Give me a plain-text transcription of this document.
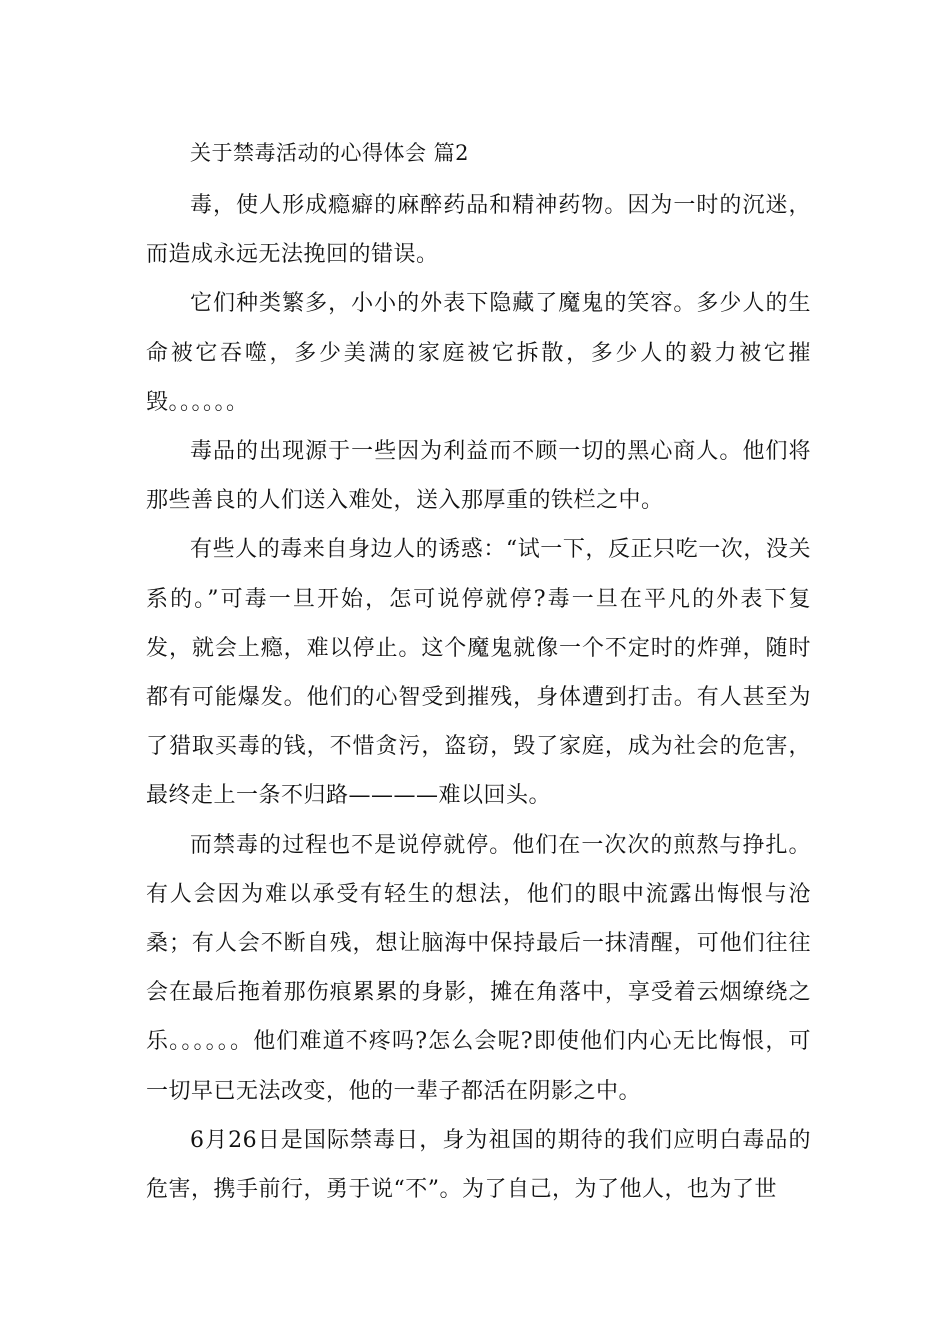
关于禁毒活动的心得体会 篇2

毒，使人形成瘾癖的麻醉药品和精神药物。因为一时的沉迷，而造成永远无法挽回的错误。

它们种类繁多，小小的外表下隐藏了魔鬼的笑容。多少人的生命被它吞噬，多少美满的家庭被它拆散，多少人的毅力被它摧毁。。。。。。

毒品的出现源于一些因为利益而不顾一切的黑心商人。他们将那些善良的人们送入难处，送入那厚重的铁栏之中。

有些人的毒来自身边人的诱惑：“试一下，反正只吃一次，没关系的。”可毒一旦开始，怎可说停就停?毒一旦在平凡的外表下复发，就会上瘾，难以停止。这个魔鬼就像一个不定时的炸弹，随时都有可能爆发。他们的心智受到摧残，身体遭到打击。有人甚至为了猎取买毒的钱，不惜贪污，盗窃，毁了家庭，成为社会的危害，最终走上一条不归路————难以回头。

而禁毒的过程也不是说停就停。他们在一次次的煎熬与挣扎。有人会因为难以承受有轻生的想法，他们的眼中流露出悔恨与沧桑；有人会不断自残，想让脑海中保持最后一抹清醒，可他们往往会在最后拖着那伤痕累累的身影，摊在角落中，享受着云烟缭绕之乐。。。。。。他们难道不疼吗?怎么会呢?即使他们内心无比悔恨，可一切早已无法改变，他的一辈子都活在阴影之中。

6月26日是国际禁毒日，身为祖国的期待的我们应明白毒品的危害，携手前行，勇于说“不”。为了自己，为了他人，也为了世
